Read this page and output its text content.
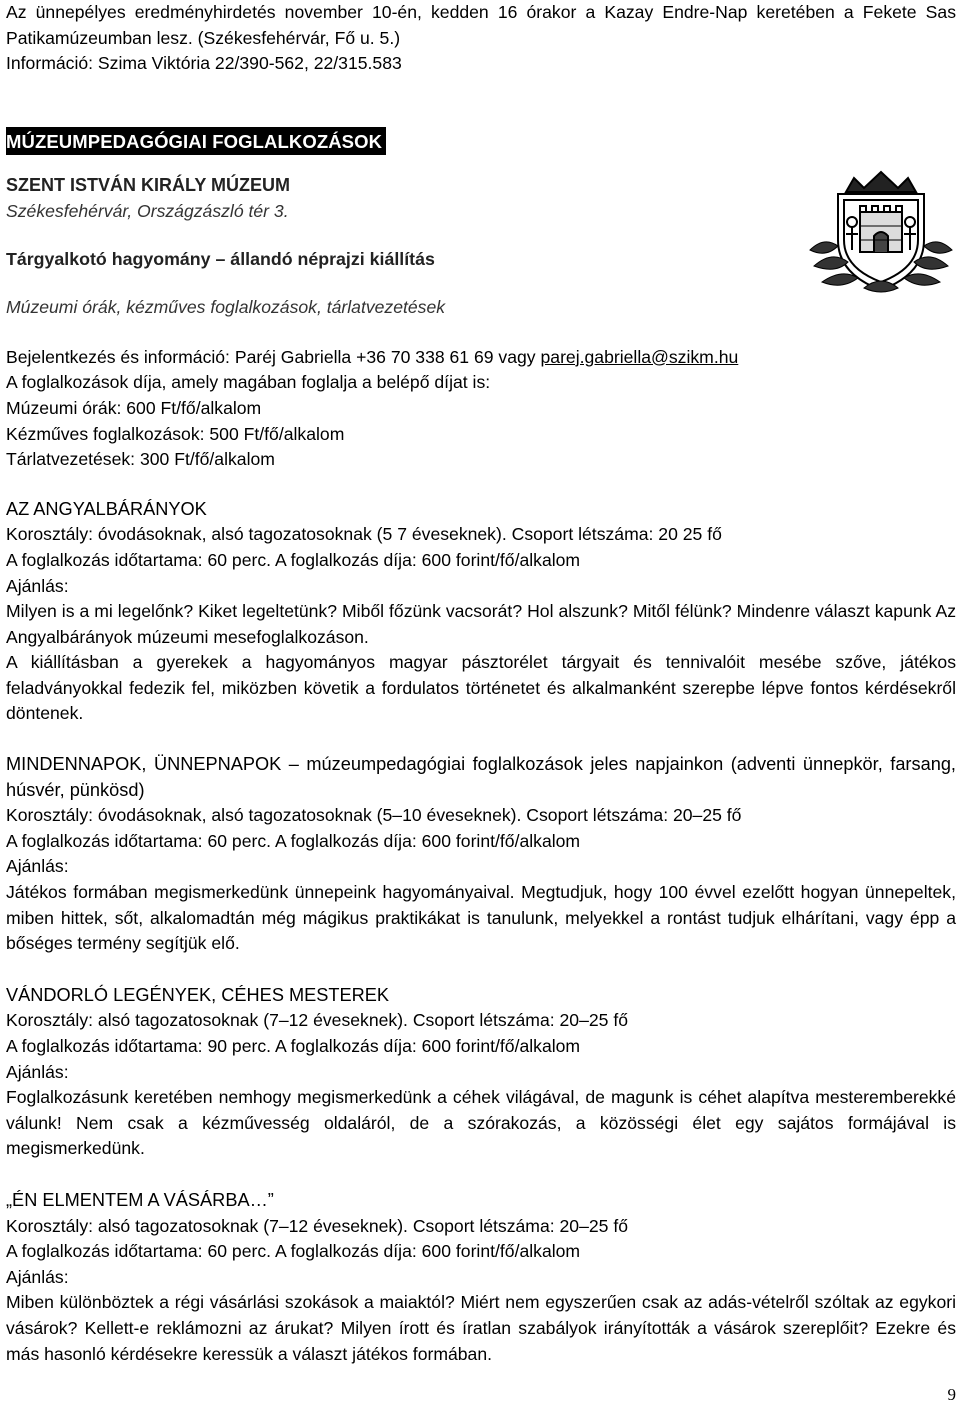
Az ünnepélyes eredményhirdetés november 10-én, kedden 16 órakor a Kazay Endre-Nap keretében a Fekete Sas Patikamúzeumban lesz. (Székesfehérvár, Fő u. 5.)

Információ: Szima Viktória 22/390-562, 22/315.583

MÚZEUMPEDAGÓGIAI FOGLALKOZÁSOK

SZENT ISTVÁN KIRÁLY MÚZEUM

Székesfehérvár, Országzászló tér 3.

Tárgyalkotó hagyomány – állandó néprajzi kiállítás

Múzeumi órák, kézműves foglalkozások, tárlatvezetések

Bejelentkezés és információ: Paréj Gabriella +36 70 338 61 69 vagy parej.gabriella@szikm.hu

A foglalkozások díja, amely magában foglalja a belépő díjat is:

Múzeumi órák: 600 Ft/fő/alkalom

Kézműves foglalkozások: 500 Ft/fő/alkalom

Tárlatvezetések: 300 Ft/fő/alkalom

AZ ANGYALBÁRÁNYOK

Korosztály: óvodásoknak, alsó tagozatosoknak (5 7 éveseknek). Csoport létszáma: 20 25 fő

A foglalkozás időtartama: 60 perc. A foglalkozás díja: 600 forint/fő/alkalom

Ajánlás:

Milyen is a mi legelőnk? Kiket legeltetünk? Miből főzünk vacsorát? Hol alszunk? Mitől félünk? Mindenre választ kapunk Az Angyalbárányok múzeumi mesefoglalkozáson.

A kiállításban a gyerekek a hagyományos magyar pásztorélet tárgyait és tennivalóit mesébe szőve, játékos feladványokkal fedezik fel, miközben követik a fordulatos történetet és alkalmanként szerepbe lépve fontos kérdésekről döntenek.

MINDENNAPOK, ÜNNEPNAPOK – múzeumpedagógiai foglalkozások jeles napjainkon (adventi ünnepkör, farsang, húsvér, pünkösd)

Korosztály: óvodásoknak, alsó tagozatosoknak (5–10 éveseknek). Csoport létszáma: 20–25 fő

A foglalkozás időtartama: 60 perc. A foglalkozás díja: 600 forint/fő/alkalom

Ajánlás:

Játékos formában megismerkedünk ünnepeink hagyományaival. Megtudjuk, hogy 100 évvel ezelőtt hogyan ünnepeltek, miben hittek, sőt, alkalomadtán még mágikus praktikákat is tanulunk, melyekkel a rontást tudjuk elhárítani, vagy épp a bőséges termény segítjük elő.

VÁNDORLÓ LEGÉNYEK, CÉHES MESTEREK

Korosztály: alsó tagozatosoknak (7–12 éveseknek). Csoport létszáma: 20–25 fő

A foglalkozás időtartama: 90 perc. A foglalkozás díja: 600 forint/fő/alkalom

Ajánlás:

Foglalkozásunk keretében nemhogy megismerkedünk a céhek világával, de magunk is céhet alapítva mesteremberekké válunk! Nem csak a kézművesség oldaláról, de a szórakozás, a közösségi élet egy sajátos formájával is megismerkedünk.

„ÉN ELMENTEM A VÁSÁRBA…”

Korosztály: alsó tagozatosoknak (7–12 éveseknek). Csoport létszáma: 20–25 fő

A foglalkozás időtartama: 60 perc. A foglalkozás díja: 600 forint/fő/alkalom

Ajánlás:

Miben különböztek a régi vásárlási szokások a maiaktól? Miért nem egyszerűen csak az adás-vételről szóltak az egykori vásárok? Kellett-e reklámozni az árukat? Milyen írott és íratlan szabályok irányították a vásárok szereplőit? Ezekre és más hasonló kérdésekre keressük a választ játékos formában.

9
